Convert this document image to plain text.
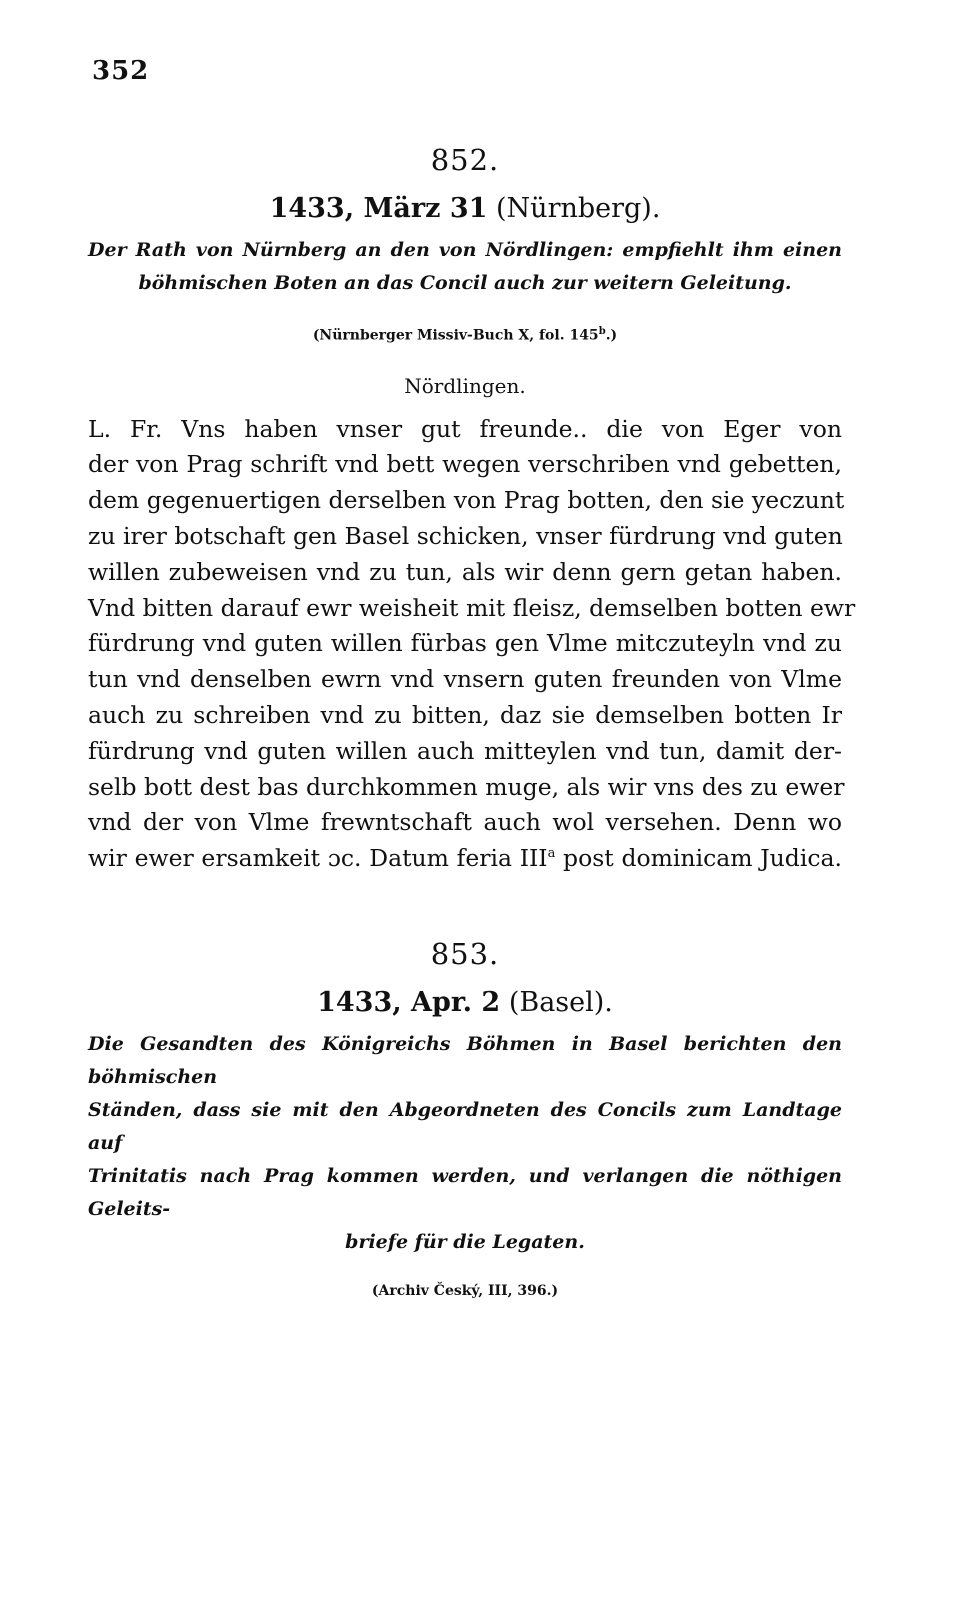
352
852.
1433, März 31 (Nürnberg).
Der Rath von Nürnberg an den von Nördlingen: empfiehlt ihm einen
böhmischen Boten an das Concil auch zur weitern Geleitung.
(Nürnberger Missiv-Buch X, fol. 145$^b$.)
Nördlingen.
L. Fr. Vns haben vnser gut freunde.. die von Eger von
der von Prag schrift vnd bett wegen verschriben vnd gebetten,
dem gegenuertigen derselben von Prag botten, den sie yeczunt
zu irer botschaft gen Basel schicken, vnser fürdrung vnd guten
willen zubeweisen vnd zu tun, als wir denn gern getan haben.
Vnd bitten darauf ewr weisheit mit fleisz, demselben botten ewr
fürdrung vnd guten willen fürbas gen Vlme mitczuteyln vnd zu
tun vnd denselben ewrn vnd vnsern guten freunden von Vlme
auch zu schreiben vnd zu bitten, daz sie demselben botten Ir
fürdrung vnd guten willen auch mitteylen vnd tun, damit der-
selb bott dest bas durchkommen muge, als wir vns des zu ewer
vnd der von Vlme frewntschaft auch wol versehen. Denn wo
wir ewer ersamkeit ɔc. Datum feria III$^a$ post dominicam Judica.
853.
1433, Apr. 2 (Basel).
Die Gesandten des Königreichs Böhmen in Basel berichten den böhmischen
Ständen, dass sie mit den Abgeordneten des Concils zum Landtage auf
Trinitatis nach Prag kommen werden, und verlangen die nöthigen Geleits-
briefe für die Legaten.
(Archiv Český, III, 396.)
